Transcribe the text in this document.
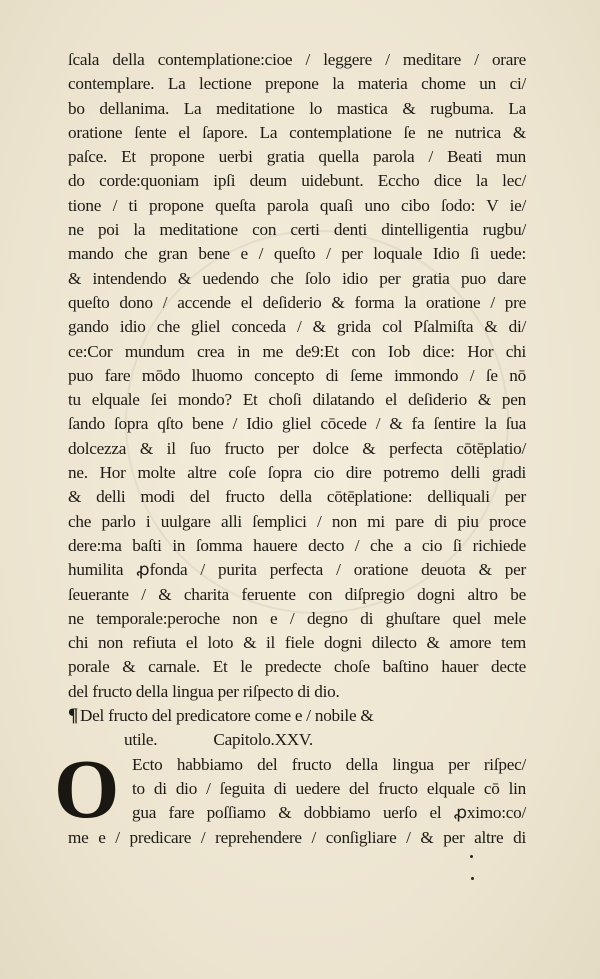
ſcala della contemplatione:cioe / leggere / meditare / orare
contemplare. La lectione prepone la materia chome un ci/
bo dellanima. La meditatione lo mastica & rugbuma. La
oratione ſente el ſapore. La contemplatione ſe ne nutrica &
paſce. Et propone uerbi gratia quella parola / Beati mun
do corde:quoniam ipſi deum uidebunt. Eccho dice la lec/
tione / ti propone queſta parola quaſi uno cibo ſodo: V ie/
ne poi la meditatione con certi denti dintelligentia rugbu/
mando che gran bene e / queſto / per loquale Idio ſi uede:
& intendendo & uedendo che ſolo idio per gratia puo dare
queſto dono / accende el deſiderio & forma la oratione / pre
gando idio che gliel conceda / & grida col Pſalmiſta & di/
ce:Cor mundum crea in me de9:Et con Iob dice: Hor chi
puo fare mōdo lhuomo concepto di ſeme immondo / ſe nō
tu elquale ſei mondo? Et choſi dilatando el deſiderio & pen
ſando ſopra qſto bene / Idio gliel cōcede / & fa ſentire la ſua
dolcezza & il ſuo fructo per dolce & perfecta cōtēplatio/
ne. Hor molte altre coſe ſopra cio dire potremo delli gradi
& delli modi del fructo della cōtēplatione: delliquali per
che parlo i uulgare alli ſemplici / non mi pare di piu proce
dere:ma baſti in ſomma hauere decto / che a cio ſi richiede
humilita ꝓfonda / purita perfecta / oratione deuota & per
ſeuerante / & charita feruente con diſpregio dogni altro be
ne temporale:peroche non e / degno di ghuſtare quel mele
chi non refiuta el loto & il fiele dogni dilecto & amore tem
porale & carnale. Et le predecte choſe baſtino hauer decte
del fructo della lingua per riſpecto di dio.
¶ Del fructo del predicatore come e / nobile &
utile.	Capitolo.XXV.
O Ecto habbiamo del fructo della lingua per riſpec/
to di dio / ſeguita di uedere del fructo elquale cō lin
gua fare poſſiamo & dobbiamo uerſo el ꝓximo:co/
me e / predicare / reprehendere / conſigliare / & per altre di
